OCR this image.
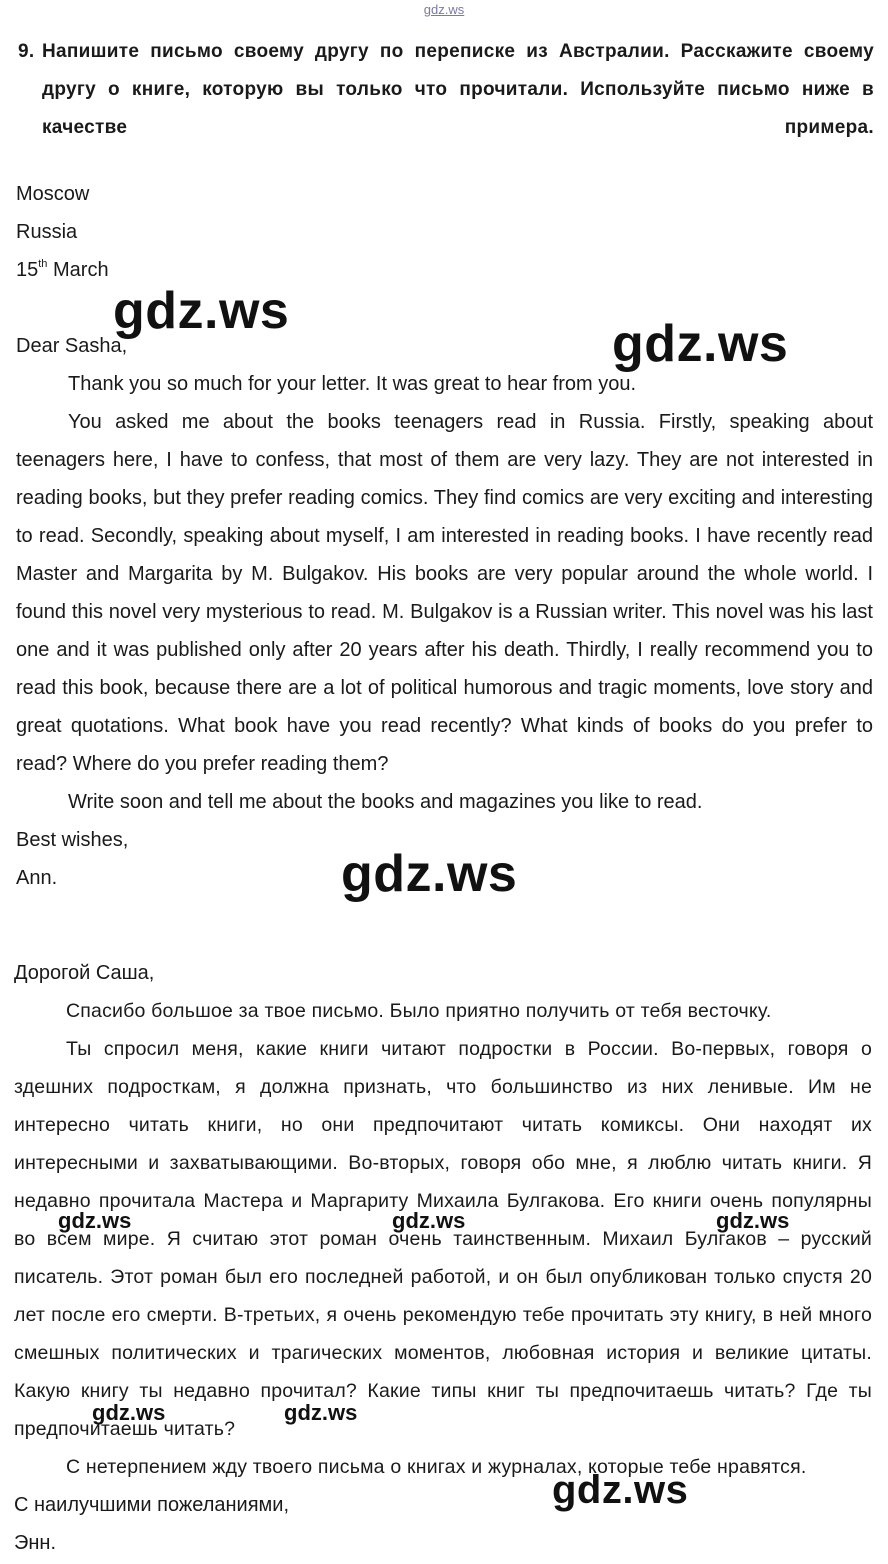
gdz.ws
9. Напишите письмо своему другу по переписке из Австралии. Расскажите своему другу о книге, которую вы только что прочитали. Используйте письмо ниже в качестве примера.
Moscow
Russia
15th March
Dear Sasha,
Thank you so much for your letter. It was great to hear from you.
You asked me about the books teenagers read in Russia. Firstly, speaking about teenagers here, I have to confess, that most of them are very lazy. They are not interested in reading books, but they prefer reading comics. They find comics are very exciting and interesting to read. Secondly, speaking about myself, I am interested in reading books. I have recently read Master and Margarita by M. Bulgakov. His books are very popular around the whole world. I found this novel very mysterious to read. M. Bulgakov is a Russian writer. This novel was his last one and it was published only after 20 years after his death. Thirdly, I really recommend you to read this book, because there are a lot of political humorous and tragic moments, love story and great quotations. What book have you read recently? What kinds of books do you prefer to read? Where do you prefer reading them?
Write soon and tell me about the books and magazines you like to read.
Best wishes,
Ann.
Дорогой Саша,
Спасибо большое за твое письмо. Было приятно получить от тебя весточку.
Ты спросил меня, какие книги читают подростки в России. Во-первых, говоря о здешних подросткам, я должна признать, что большинство из них ленивые. Им не интересно читать книги, но они предпочитают читать комиксы. Они находят их интересными и захватывающими. Во-вторых, говоря обо мне, я люблю читать книги. Я недавно прочитала Мастера и Маргариту Михаила Булгакова. Его книги очень популярны во всем мире. Я считаю этот роман очень таинственным. Михаил Булгаков – русский писатель. Этот роман был его последней работой, и он был опубликован только спустя 20 лет после его смерти. В-третьих, я очень рекомендую тебе прочитать эту книгу, в ней много смешных политических и трагических моментов, любовная история и великие цитаты. Какую книгу ты недавно прочитал? Какие типы книг ты предпочитаешь читать? Где ты предпочитаешь читать?
С нетерпением жду твоего письма о книгах и журналах, которые тебе нравятся.
С наилучшими пожеланиями,
Энн.
gdz.ws
gdz.ws
gdz.ws
gdz.ws	gdz.ws	gdz.ws
gdz.ws	gdz.ws
gdz.ws
